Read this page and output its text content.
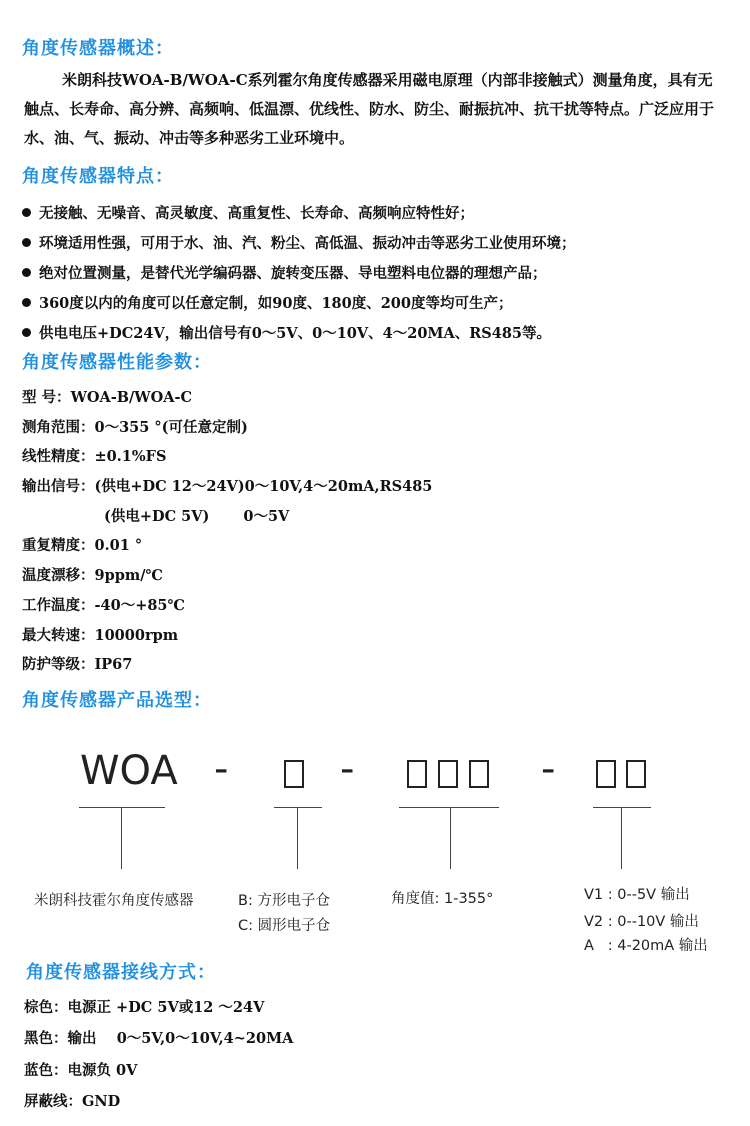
角度传感器概述：

米朗科技WOA-B/WOA-C系列霍尔角度传感器采用磁电原理（内部非接触式）测量角度，具有无触点、长寿命、高分辨、高频响、低温漂、优线性、防水、防尘、耐振抗冲、抗干扰等特点。广泛应用于水、油、气、振动、冲击等多种恶劣工业环境中。

角度传感器特点：
无接触、无噪音、高灵敏度、高重复性、长寿命、高频响应特性好；
环境适用性强，可用于水、油、汽、粉尘、高低温、振动冲击等恶劣工业使用环境；
绝对位置测量，是替代光学编码器、旋转变压器、导电塑料电位器的理想产品；
360度以内的角度可以任意定制，如90度、180度、200度等均可生产；
供电电压+DC24V，输出信号有0～5V、0～10V、4～20MA、RS485等。
角度传感器性能参数：
型 号：WOA-B/WOA-C
测角范围：0～355 °(可任意定制)
线性精度：±0.1%FS
输出信号：(供电+DC 12～24V)0～10V,4～20mA,RS485
(供电+DC 5V) 0～5V
重复精度：0.01 °
温度漂移：9ppm/℃
工作温度：-40～+85℃
最大转速：10000rpm
防护等级：IP67
角度传感器产品选型：
WOA -	-	-
米朗科技霍尔角度传感器	B: 方形电子仓
C: 圆形电子仓
角度值: 1-355°	V1 : 0--5V 输出
V2 : 0--10V 输出
A   : 4-20mA 输出
角度传感器接线方式：
棕色：电源正 +DC 5V或12 ～24V
黑色：输出    0～5V,0～10V,4~20MA
蓝色：电源负 0V
屏蔽线：GND
